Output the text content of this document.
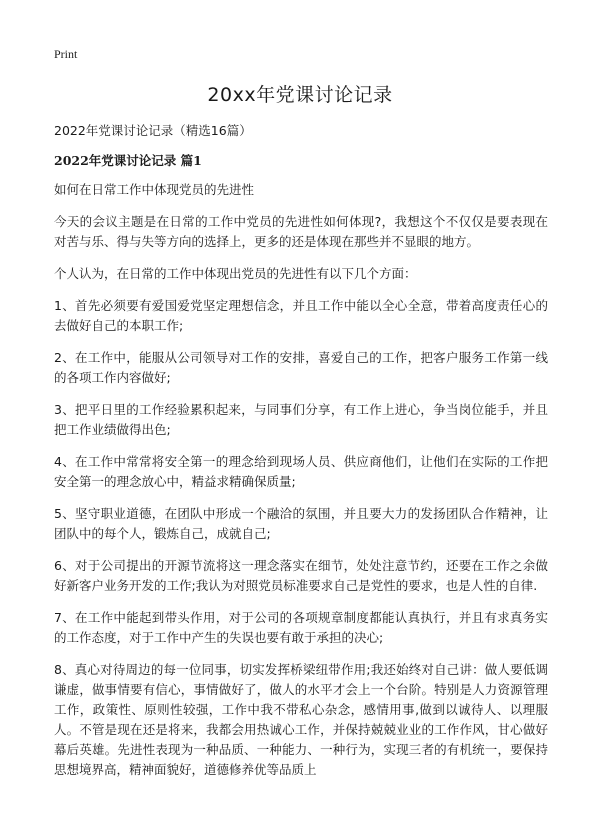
Print
20xx年党课讨论记录

2022年党课讨论记录（精选16篇）

2022年党课讨论记录 篇1

如何在日常工作中体现党员的先进性

今天的会议主题是在日常的工作中党员的先进性如何体现?，我想这个不仅仅是要表现在对苦与乐、得与失等方向的选择上，更多的还是体现在那些并不显眼的地方。

个人认为，在日常的工作中体现出党员的先进性有以下几个方面：

1、首先必须要有爱国爱党坚定理想信念，并且工作中能以全心全意，带着高度责任心的去做好自己的本职工作;

2、在工作中，能服从公司领导对工作的安排，喜爱自己的工作，把客户服务工作第一线的各项工作内容做好;

3、把平日里的工作经验累积起来，与同事们分享，有工作上进心，争当岗位能手，并且把工作业绩做得出色;

4、在工作中常常将安全第一的理念给到现场人员、供应商他们，让他们在实际的工作把安全第一的理念放心中，精益求精确保质量;

5、坚守职业道德，在团队中形成一个融洽的氛围，并且要大力的发扬团队合作精神，让团队中的每个人，锻炼自己，成就自己;

6、对于公司提出的开源节流将这一理念落实在细节，处处注意节约，还要在工作之余做好新客户业务开发的工作;我认为对照党员标准要求自己是党性的要求，也是人性的自律.

7、在工作中能起到带头作用，对于公司的各项规章制度都能认真执行，并且有求真务实的工作态度，对于工作中产生的失误也要有敢于承担的决心;

8、真心对待周边的每一位同事，切实发挥桥梁纽带作用;我还始终对自己讲：做人要低调谦虚，做事情要有信心，事情做好了，做人的水平才会上一个台阶。特别是人力资源管理工作，政策性、原则性较强，工作中我不带私心杂念，感情用事,做到以诚待人、以理服人。不管是现在还是将来，我都会用热诚心工作，并保持兢兢业业的工作作风，甘心做好幕后英雄。先进性表现为一种品质、一种能力、一种行为，实现三者的有机统一，要保持思想境界高，精神面貌好，道德修养优等品质上
